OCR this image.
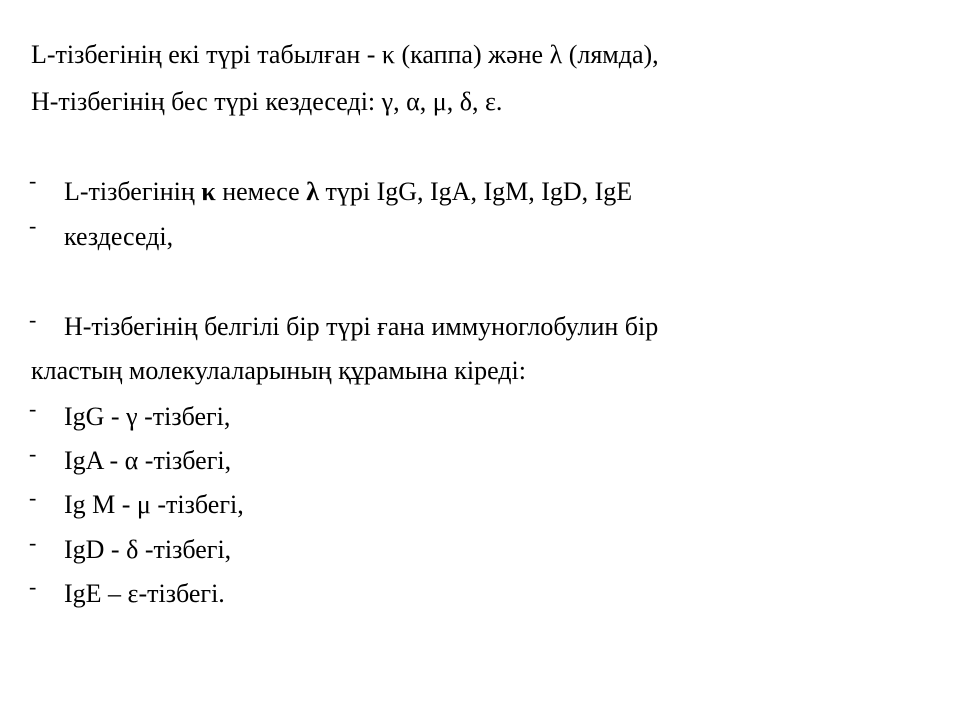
L-тізбегінің екі түрі табылған - κ (каппа) жәнe λ (лямда),
H-тізбегінің бес түрі кездеседі: γ, α, μ, δ, ε.
- L-тізбегінің κ немесе λ түрі IgG, IgA, IgM, IgD, IgE
- кездеседі,
- H-тізбегінің белгілі бір түрі ғана иммуноглобулин бір
кластың молекулаларының құрамына кіреді:
- IgG - γ -тізбегі,
- IgA - α -тізбегі,
- Ig M - μ -тізбегі,
- IgD - δ -тізбегі,
- IgE – ε-тізбегі.
